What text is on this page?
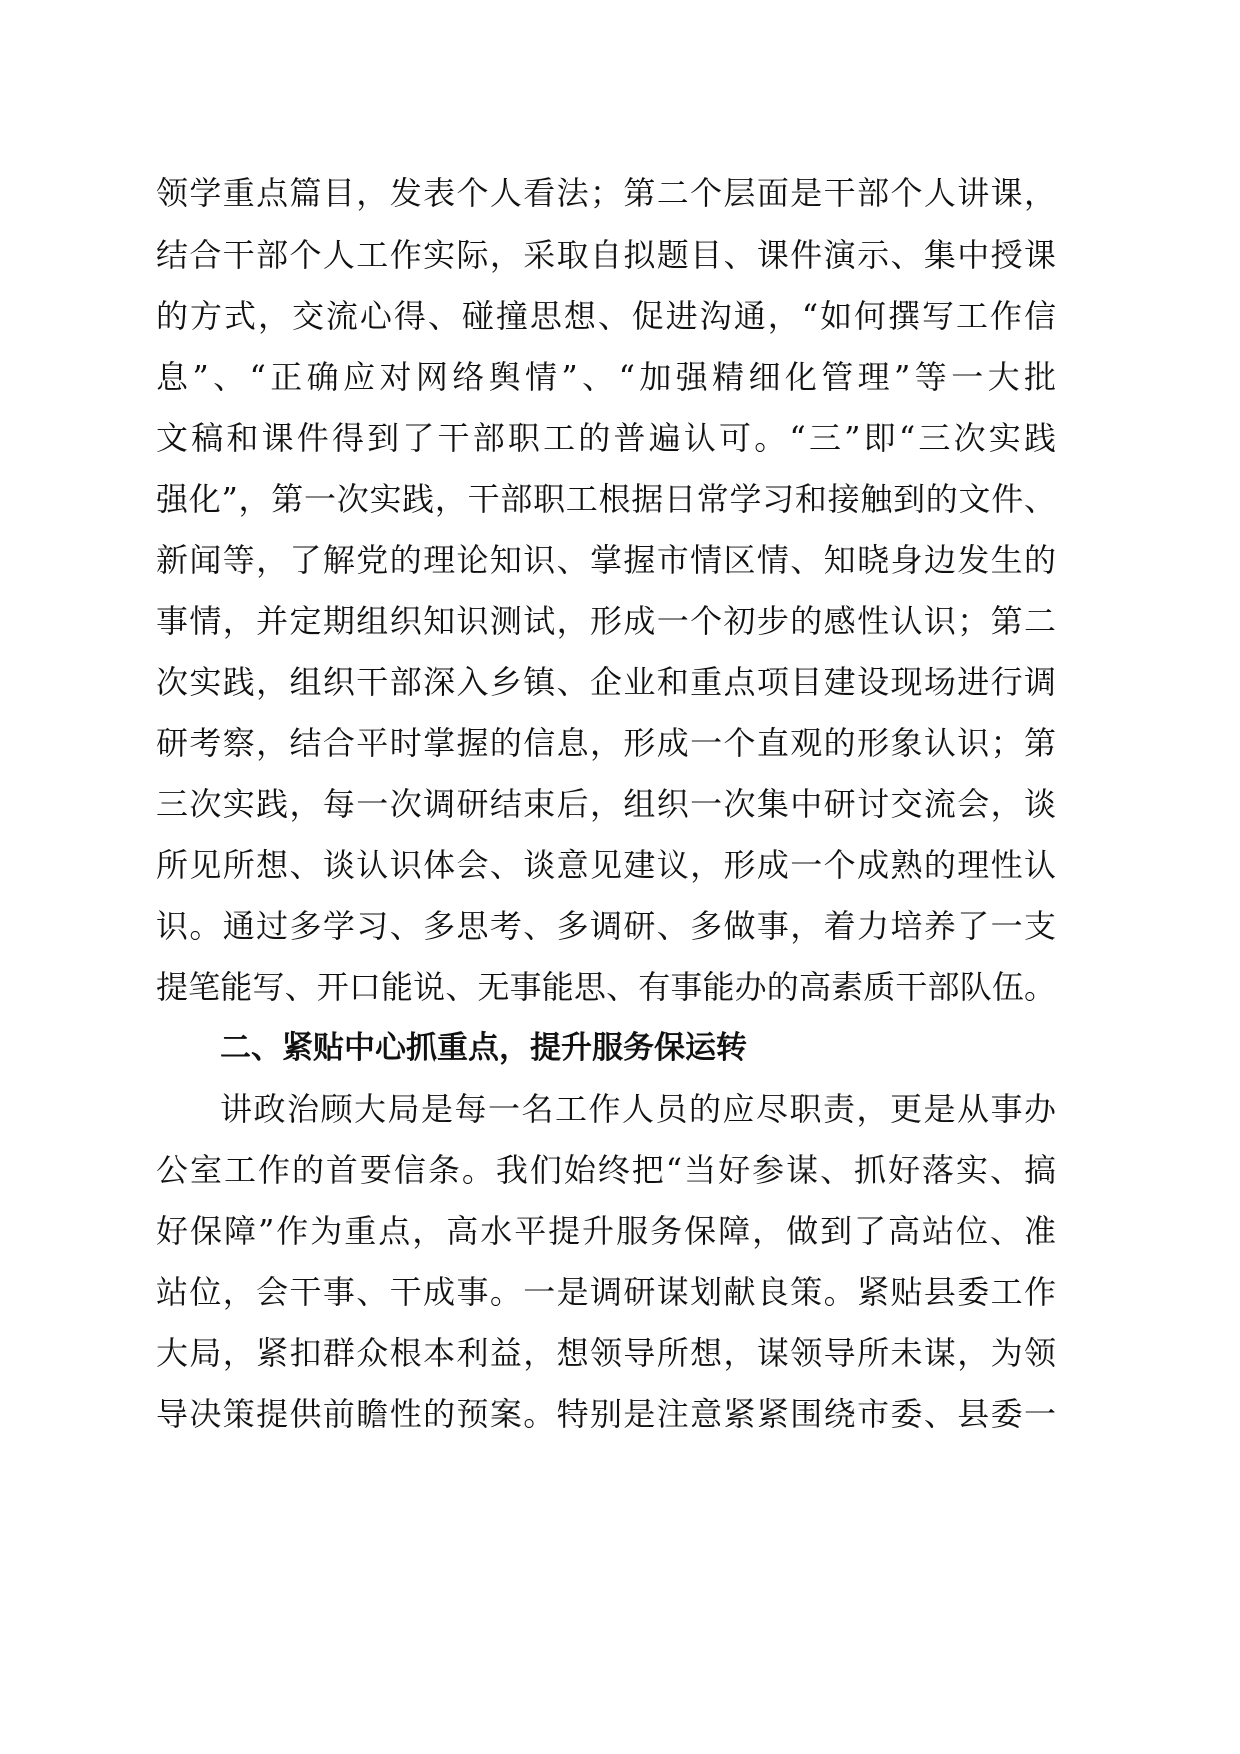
领学重点篇目，发表个人看法；第二个层面是干部个人讲课，
结合干部个人工作实际，采取自拟题目、课件演示、集中授课
的方式，交流心得、碰撞思想、促进沟通，“如何撰写工作信
息”、“正确应对网络舆情”、“加强精细化管理”等一大批
文稿和课件得到了干部职工的普遍认可。“三”即“三次实践
强化”，第一次实践，干部职工根据日常学习和接触到的文件、
新闻等，了解党的理论知识、掌握市情区情、知晓身边发生的
事情，并定期组织知识测试，形成一个初步的感性认识；第二
次实践，组织干部深入乡镇、企业和重点项目建设现场进行调
研考察，结合平时掌握的信息，形成一个直观的形象认识；第
三次实践，每一次调研结束后，组织一次集中研讨交流会，谈
所见所想、谈认识体会、谈意见建议，形成一个成熟的理性认
识。通过多学习、多思考、多调研、多做事，着力培养了一支
提笔能写、开口能说、无事能思、有事能办的高素质干部队伍。
二、紧贴中心抓重点，提升服务保运转
讲政治顾大局是每一名工作人员的应尽职责，更是从事办
公室工作的首要信条。我们始终把“当好参谋、抓好落实、搞
好保障”作为重点，高水平提升服务保障，做到了高站位、准
站位，会干事、干成事。一是调研谋划献良策。紧贴县委工作
大局，紧扣群众根本利益，想领导所想，谋领导所未谋，为领
导决策提供前瞻性的预案。特别是注意紧紧围绕市委、县委一
